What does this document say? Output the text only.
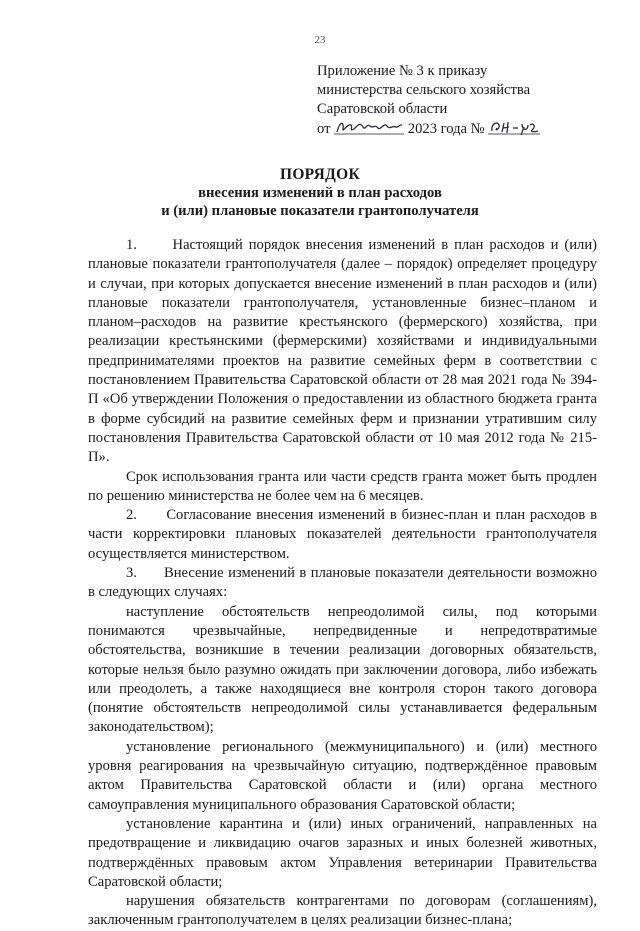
23
Приложение № 3 к приказу
министерства сельского хозяйства
Саратовской области
от	2023 года №
ПОРЯДОК
внесения изменений в план расходов
и (или) плановые показатели грантополучателя

1.      Настоящий порядок внесения изменений в план расходов и (или) плановые показатели грантополучателя (далее – порядок) определяет процедуру и случаи, при которых допускается внесение изменений в план расходов и (или) плановые показатели грантополучателя, установленные бизнес–планом и планом–расходов на развитие крестьянского (фермерского) хозяйства, при реализации крестьянскими (фермерскими) хозяйствами и индивидуальными предпринимателями проектов на развитие семейных ферм в соответствии с постановлением Правительства Саратовской области от 28 мая 2021 года № 394-П «Об утверждении Положения о предоставлении из областного бюджета гранта в форме субсидий на развитие семейных ферм и признании утратившим силу постановления Правительства Саратовской области от 10 мая 2012 года № 215-П».

Срок использования гранта или части средств гранта может быть продлен по решению министерства не более чем на 6 месяцев.

2.      Согласование внесения изменений в бизнес-план и план расходов в части корректировки плановых показателей деятельности грантополучателя осуществляется министерством.

3.      Внесение изменений в плановые показатели деятельности возможно в следующих случаях:

наступление обстоятельств непреодолимой силы, под которыми понимаются чрезвычайные, непредвиденные и непредотвратимые обстоятельства, возникшие в течении реализации договорных обязательств, которые нельзя было разумно ожидать при заключении договора, либо избежать или преодолеть, а также находящиеся вне контроля сторон такого договора (понятие обстоятельств непреодолимой силы устанавливается федеральным законодательством);

установление регионального (межмуниципального) и (или) местного уровня реагирования на чрезвычайную ситуацию, подтверждённое правовым актом Правительства Саратовской области и (или) органа местного самоуправления муниципального образования Саратовской области;

установление карантина и (или) иных ограничений, направленных на предотвращение и ликвидацию очагов заразных и иных болезней животных, подтверждённых правовым актом Управления ветеринарии Правительства Саратовской области;

нарушения обязательств контрагентами по договорам (соглашениям), заключенным грантополучателем в целях реализации бизнес-плана;
